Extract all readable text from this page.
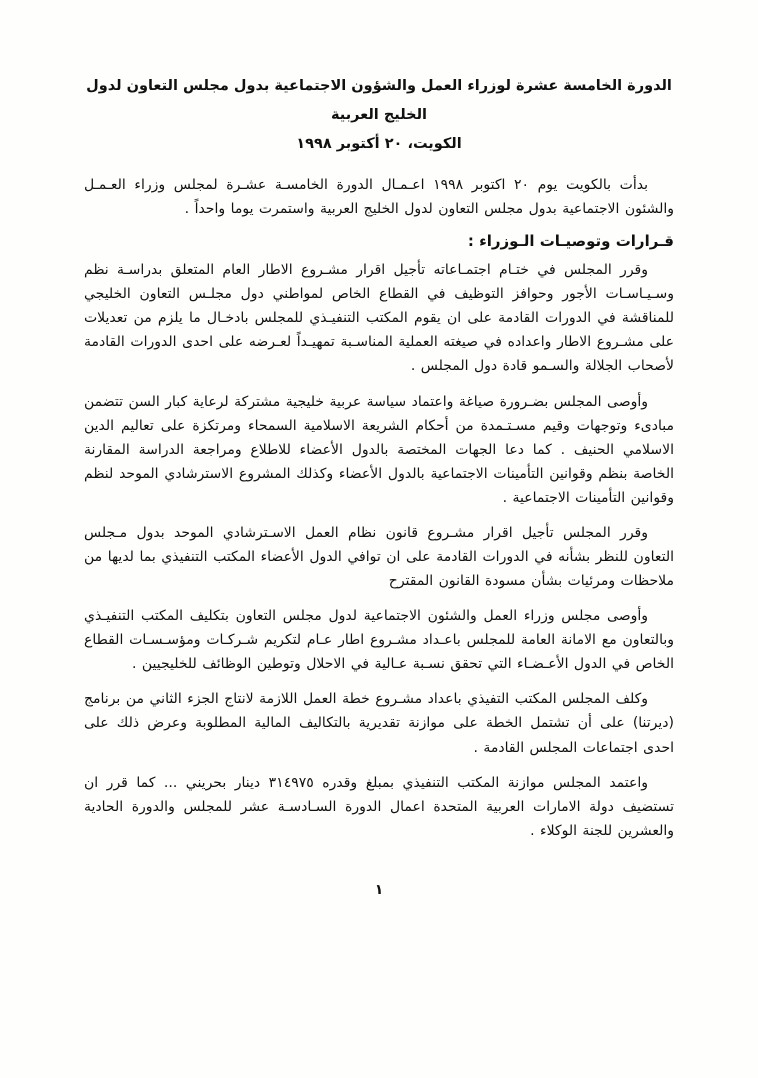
الدورة الخامسة عشرة لوزراء العمل والشؤون الاجتماعية بدول مجلس التعاون لدول الخليج العربية
الكويت، ٢٠ أكتوبر ١٩٩٨

بدأت بالكويت يوم ٢٠ اكتوبر ١٩٩٨ اعـمـال الدورة الخامسـة عشـرة لمجلس وزراء العـمـل والشئون الاجتماعية بدول مجلس التعاون لدول الخليج العربية واستمرت يوما واحداً .

قـرارات وتوصيـات الـوزراء :

وقرر المجلس في ختـام اجتمـاعاته تأجيل اقرار مشـروع الاطار العام المتعلق بدراسـة نظم وسـيـاسـات الأجور وحوافز التوظيف في القطاع الخاص لمواطني دول مجلـس التعاون الخليجي للمناقشة في الدورات القادمة على ان يقوم المكتب التنفيـذي للمجلس بادخـال ما يلزم من تعديلات على مشـروع الاطار واعداده في صيغته العملية المناسـبة تمهيـداً لعـرضه على احدى الدورات القادمة لأصحاب الجلالة والسـمو قادة دول المجلس .

وأوصى المجلس بضـرورة صياغة واعتماد سياسة عربية خليجية مشتركة لرعاية كبار السن تتضمن مبادىء وتوجهات وقيم مسـتـمدة من أحكام الشريعة الاسلامية السمحاء ومرتكزة على تعاليم الدين الاسلامي الحنيف . كما دعا الجهات المختصة بالدول الأعضاء للاطلاع ومراجعة الدراسة المقارنة الخاصة بنظم وقوانين التأمينات الاجتماعية بالدول الأعضاء وكذلك المشروع الاسترشادي الموحد لنظم وقوانين التأمينات الاجتماعية .

وقرر المجلس تأجيل اقرار مشـروع قانون نظام العمل الاسـترشادي الموحد بدول مـجلس التعاون للنظر بشأنه في الدورات القادمة على ان توافي الدول الأعضاء المكتب التنفيذي بما لديها من ملاحظات ومرئيات بشأن مسودة القانون المقترح

وأوصى مجلس وزراء العمل والشئون الاجتماعية لدول مجلس التعاون بتكليف المكتب التنفيـذي وبالتعاون مع الامانة العامة للمجلس باعـداد مشـروع اطار عـام لتكريم شـركـات ومؤسـسـات القطاع الخاص في الدول الأعـضـاء التي تحقق نسـبة عـالية في الاحلال وتوطين الوظائف للخليجيين .

وكلف المجلس المكتب التفيذي باعداد مشـروع خطة العمل اللازمة لانتاج الجزء الثاني من برنامج (ديرتنا) على أن تشتمل الخطة على موازنة تقديرية بالتكاليف المالية المطلوبة وعرض ذلك على احدى اجتماعات المجلس القادمة .

واعتمد المجلس موازنة المكتب التنفيذي بمبلغ وقدره ٣١٤٩٧٥ دينار بحريني ... كما قرر ان تستضيف دولة الامارات العربية المتحدة اعمال الدورة السـادسـة عشر للمجلس والدورة الحادية والعشرين للجنة الوكلاء .

١
